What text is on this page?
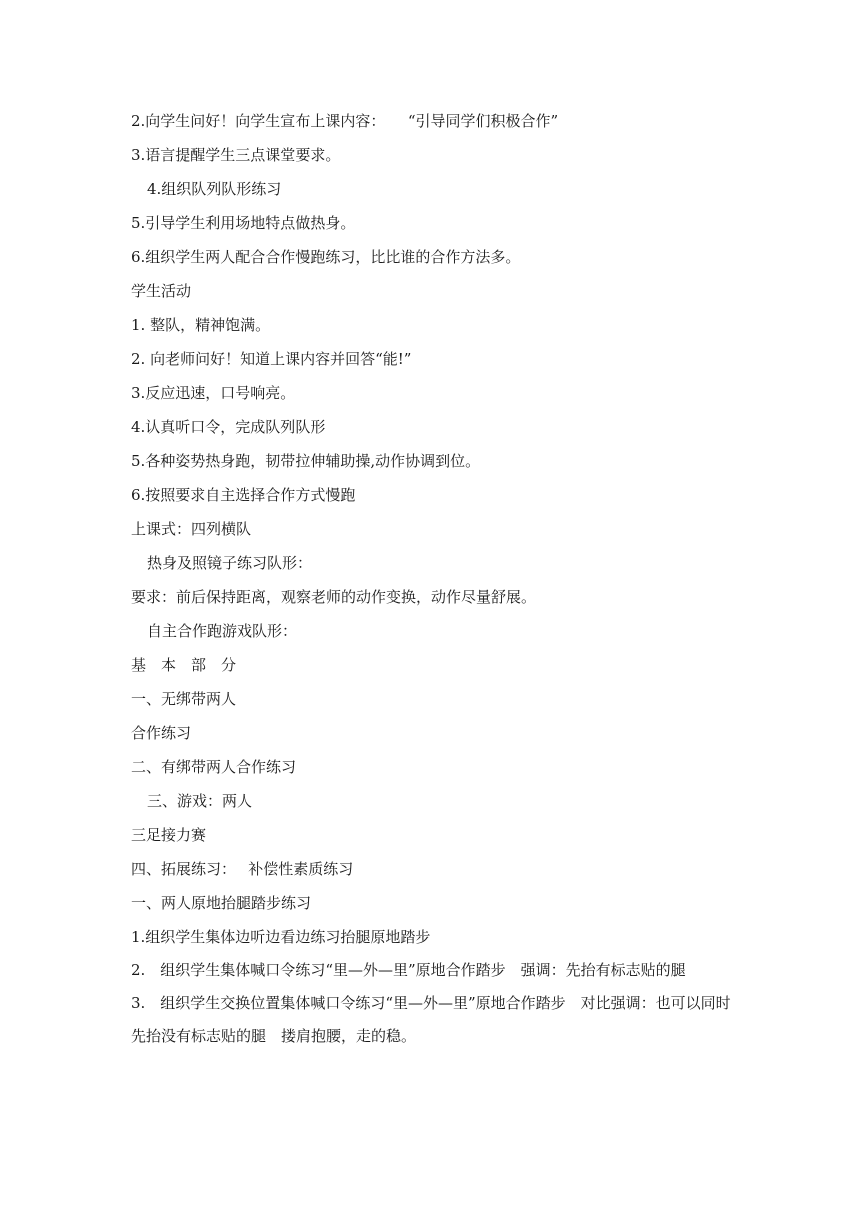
2.向学生问好！向学生宣布上课内容：　　“引导同学们积极合作”

3.语言提醒学生三点课堂要求。

4.组织队列队形练习

5.引导学生利用场地特点做热身。

6.组织学生两人配合合作慢跑练习，比比谁的合作方法多。

学生活动

1. 整队，精神饱满。

2. 向老师问好！知道上课内容并回答“能!”

3.反应迅速，口号响亮。

4.认真听口令，完成队列队形

5.各种姿势热身跑，韧带拉伸辅助操,动作协调到位。

6.按照要求自主选择合作方式慢跑

上课式：四列横队

热身及照镜子练习队形：

要求：前后保持距离，观察老师的动作变换，动作尽量舒展。

自主合作跑游戏队形：

基　本　部　分

一、无绑带两人

合作练习

二、有绑带两人合作练习

三、游戏：两人

三足接力赛

四、拓展练习：　 补偿性素质练习

一、两人原地抬腿踏步练习

1.组织学生集体边听边看边练习抬腿原地踏步

2.　组织学生集体喊口令练习“里—外—里”原地合作踏步　强调：先抬有标志贴的腿

3.　组织学生交换位置集体喊口令练习“里—外—里”原地合作踏步　对比强调：也可以同时先抬没有标志贴的腿　搂肩抱腰，走的稳。
